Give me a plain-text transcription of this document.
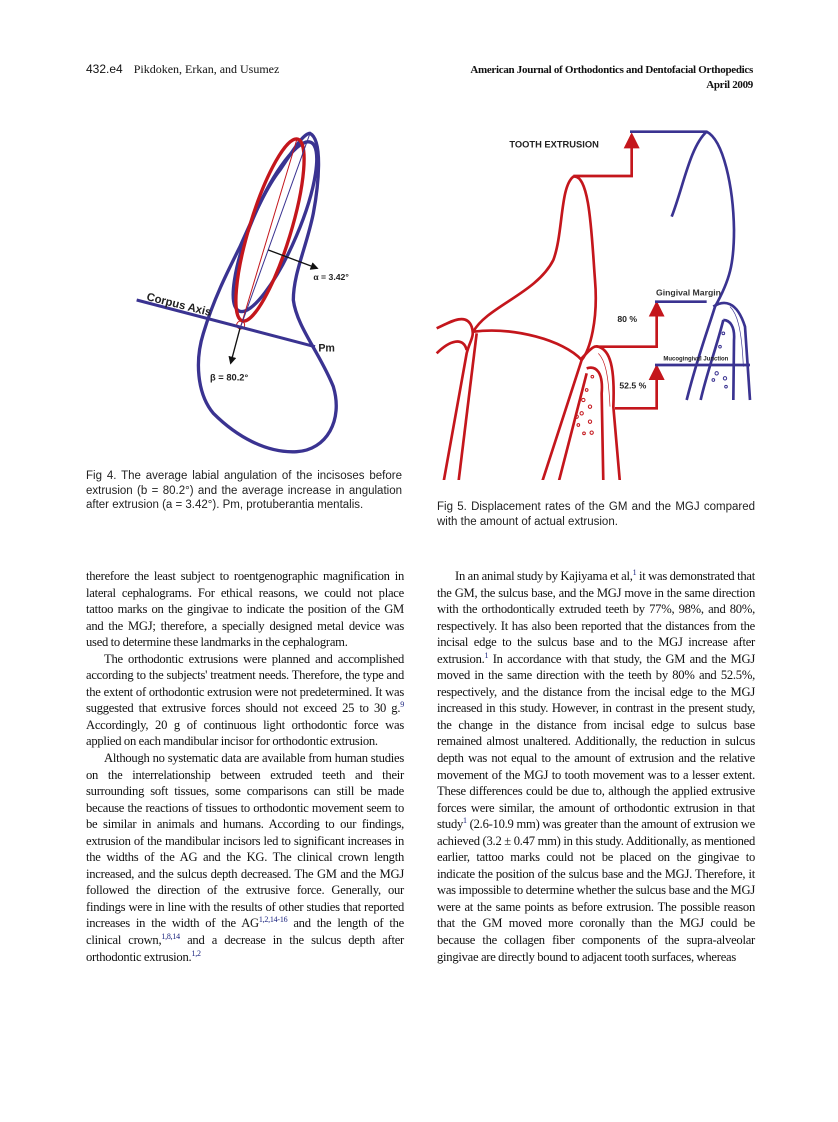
432.e4 Pikdoken, Erkan, and Usumez	American Journal of Orthodontics and Dentofacial Orthopedics
April 2009
Corpus Axis
α = 3.42°
β = 80.2°
Pm
Fig 4. The average labial angulation of the incisoses before extrusion (b = 80.2°) and the average increase in angulation after extrusion (a = 3.42°). Pm, protuberantia mentalis.
TOOTH EXTRUSION
Gingival Margin
80 %
Mucogingival Junction
52.5 %
Fig 5. Displacement rates of the GM and the MGJ compared with the amount of actual extrusion.

therefore the least subject to roentgenographic magnification in lateral cephalograms. For ethical reasons, we could not place tattoo marks on the gingivae to indicate the position of the GM and the MGJ; therefore, a specially designed metal device was used to determine these landmarks in the cephalogram.

The orthodontic extrusions were planned and accomplished according to the subjects' treatment needs. Therefore, the type and the extent of orthodontic extrusion were not predetermined. It was suggested that extrusive forces should not exceed 25 to 30 g.$^9$ Accordingly, 20 g of continuous light orthodontic force was applied on each mandibular incisor for orthodontic extrusion.

Although no systematic data are available from human studies on the interrelationship between extruded teeth and their surrounding soft tissues, some comparisons can still be made because the reactions of tissues to orthodontic movement seem to be similar in animals and humans. According to our findings, extrusion of the mandibular incisors led to significant increases in the widths of the AG and the KG. The clinical crown length increased, and the sulcus depth decreased. The GM and the MGJ followed the direction of the extrusive force. Generally, our findings were in line with the results of other studies that reported increases in the width of the AG$^{1,2,14-16}$ and the length of the clinical crown,$^{1,8,14}$ and a decrease in the sulcus depth after orthodontic extrusion.$^{1,2}$

In an animal study by Kajiyama et al,$^1$ it was demonstrated that the GM, the sulcus base, and the MGJ move in the same direction with the orthodontically extruded teeth by 77%, 98%, and 80%, respectively. It has also been reported that the distances from the incisal edge to the sulcus base and to the MGJ increase after extrusion.$^1$ In accordance with that study, the GM and the MGJ moved in the same direction with the teeth by 80% and 52.5%, respectively, and the distance from the incisal edge to the MGJ increased in this study. However, in contrast in the present study, the change in the distance from incisal edge to sulcus base remained almost unaltered. Additionally, the reduction in sulcus depth was not equal to the amount of extrusion and the relative movement of the MGJ to tooth movement was to a lesser extent. These differences could be due to, although the applied extrusive forces were similar, the amount of orthodontic extrusion in that study$^1$ (2.6-10.9 mm) was greater than the amount of extrusion we achieved (3.2 ± 0.47 mm) in this study. Additionally, as mentioned earlier, tattoo marks could not be placed on the gingivae to indicate the position of the sulcus base and the MGJ. Therefore, it was impossible to determine whether the sulcus base and the MGJ were at the same points as before extrusion. The possible reason that the GM moved more coronally than the MGJ could be because the collagen fiber components of the supra-alveolar gingivae are directly bound to adjacent tooth surfaces, whereas
